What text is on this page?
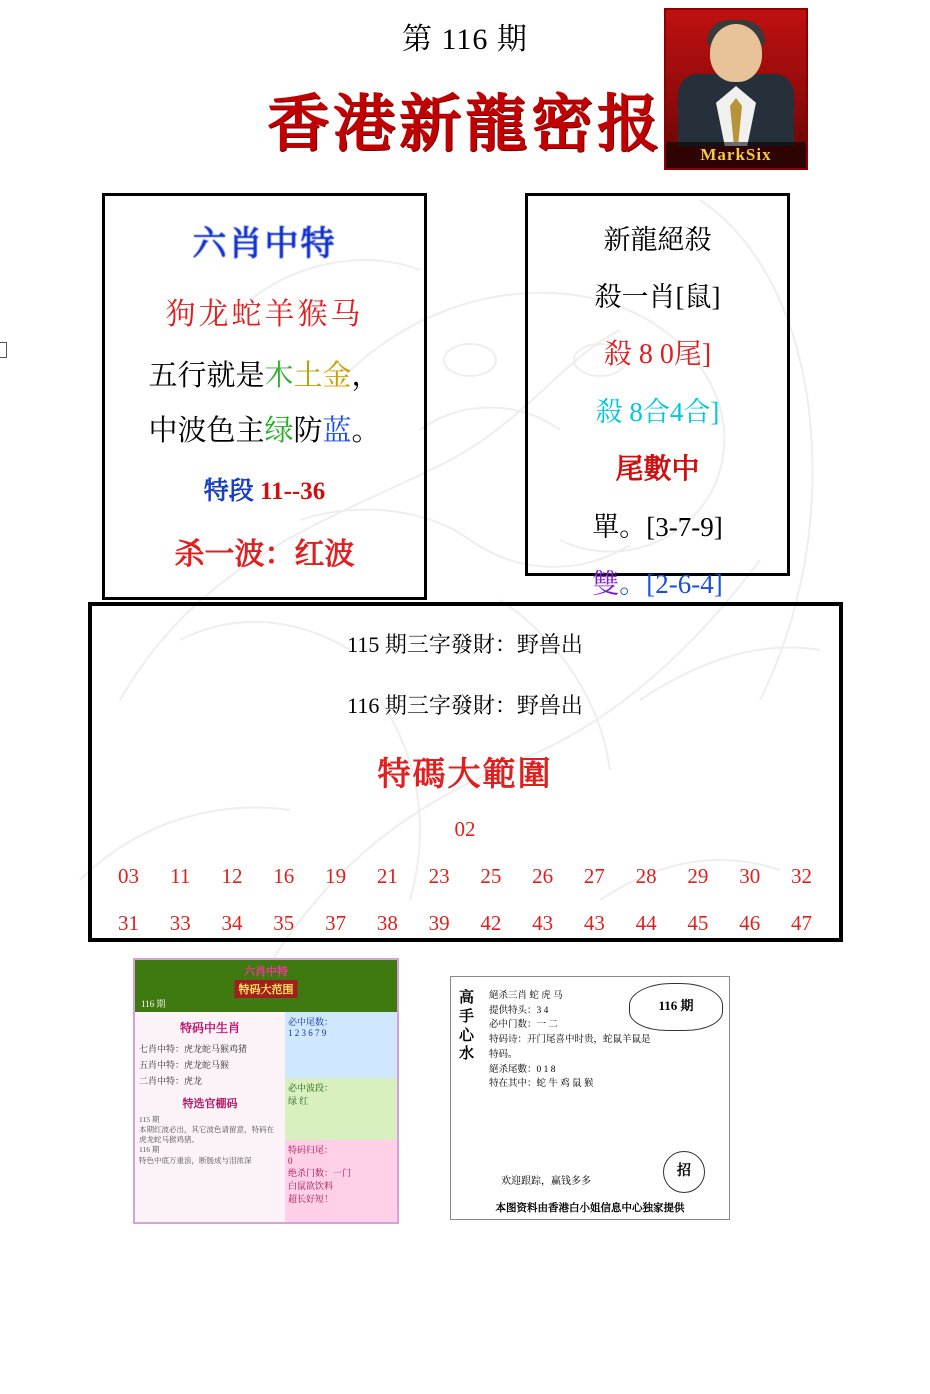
第 116 期
香港新龍密报	MarkSix
六肖中特
狗龙蛇羊猴马
五行就是木土金，
中波色主绿防蓝。
特段 11--36
杀一波：红波
新龍絕殺
殺一肖[鼠]
殺 8 0尾]
殺 8合4合]
尾數中
單。[3-7-9]
雙。[2-6-4]
115 期三字發財：野兽出
116 期三字發財：野兽出
特碼大範圍
02
03 11 12 16 19 21 23 25 26 27 28 29 30 32
31 33 34 35 37 38 39 42 43 43 44 45 46 47
六肖中特
特码大范围
116 期
特码中生肖
七肖中特：虎龙蛇马猴鸡猪
五肖中特：虎龙蛇马猴
二肖中特：虎龙
特选官棚码
115 期
本期红波必出，其它波色请留意，特码在虎龙蛇马猴鸡猪。
116 期
特色中底万重浪，断肠成与泪浓深
必中尾数：
1 2 3 6 7 9
必中波段：
绿 红
特码归尾：
0
绝杀门数：一门
白鼠欲饮料
超长好短！
高手心水
絕杀三肖 蛇 虎 马
提供特头：3 4
必中门数：一 二
特码诗：开门尾喜中时贵，蛇鼠羊鼠是特码。
絕杀尾數：0 1 8
特在其中：蛇 牛 鸡 鼠 猴
116 期
欢迎跟踪，赢钱多多
招
本图资料由香港白小姐信息中心独家提供
